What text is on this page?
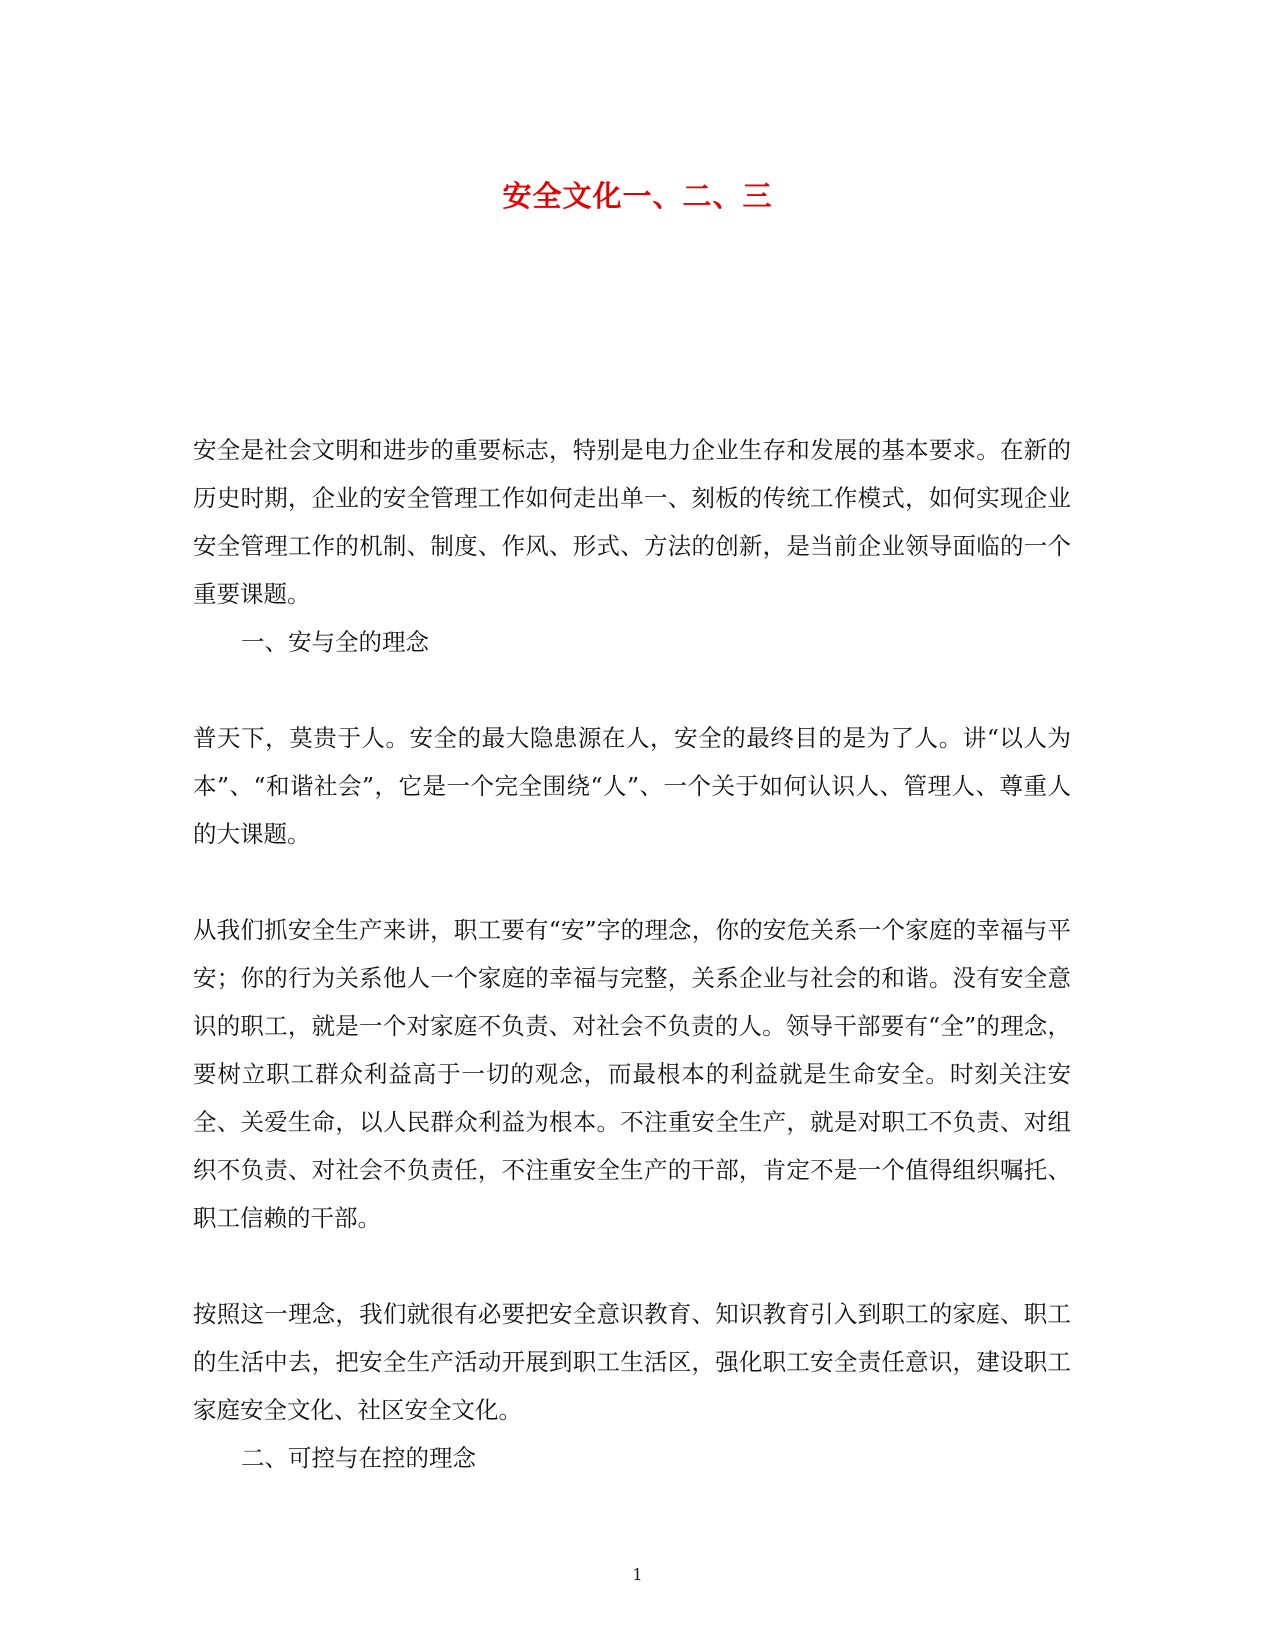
安全文化一、二、三

安全是社会文明和进步的重要标志，特别是电力企业生存和发展的基本要求。在新的历史时期，企业的安全管理工作如何走出单一、刻板的传统工作模式，如何实现企业安全管理工作的机制、制度、作风、形式、方法的创新，是当前企业领导面临的一个重要课题。

一、安与全的理念

普天下，莫贵于人。安全的最大隐患源在人，安全的最终目的是为了人。讲“以人为本”、“和谐社会”，它是一个完全围绕“人”、一个关于如何认识人、管理人、尊重人的大课题。

从我们抓安全生产来讲，职工要有“安”字的理念，你的安危关系一个家庭的幸福与平安；你的行为关系他人一个家庭的幸福与完整，关系企业与社会的和谐。没有安全意识的职工，就是一个对家庭不负责、对社会不负责的人。领导干部要有“全”的理念，要树立职工群众利益高于一切的观念，而最根本的利益就是生命安全。时刻关注安全、关爱生命，以人民群众利益为根本。不注重安全生产，就是对职工不负责、对组织不负责、对社会不负责任，不注重安全生产的干部，肯定不是一个值得组织嘱托、职工信赖的干部。

按照这一理念，我们就很有必要把安全意识教育、知识教育引入到职工的家庭、职工的生活中去，把安全生产活动开展到职工生活区，强化职工安全责任意识，建设职工家庭安全文化、社区安全文化。

二、可控与在控的理念

1
